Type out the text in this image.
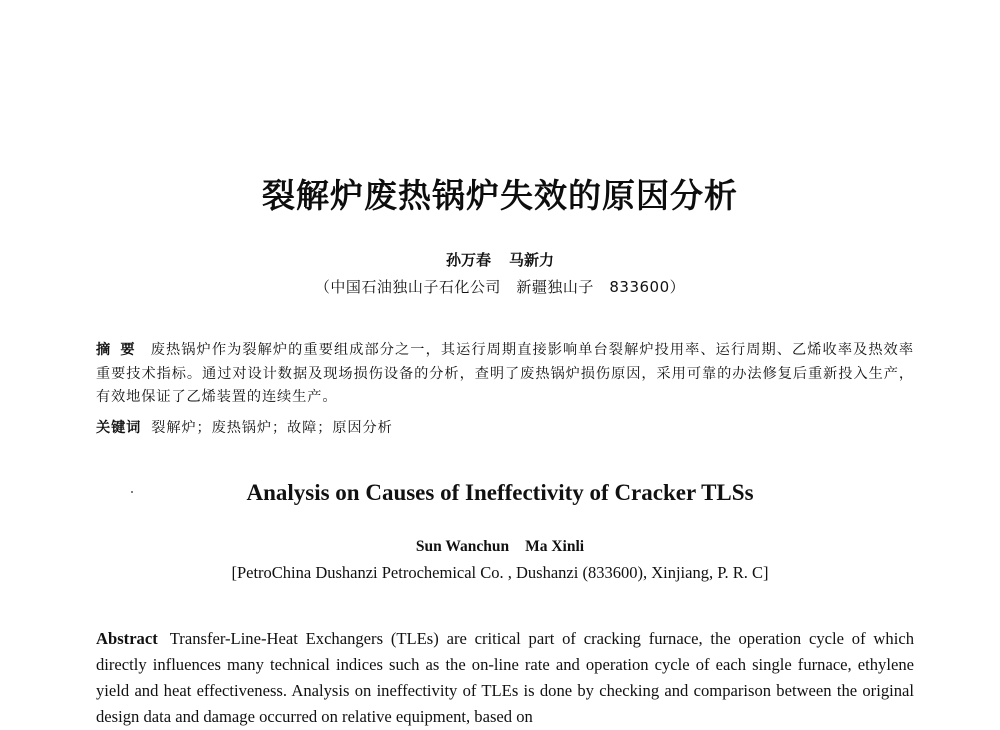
裂解炉废热锅炉失效的原因分析
孙万春 马新力
（中国石油独山子石化公司　新疆独山子　833600）
摘要 废热锅炉作为裂解炉的重要组成部分之一，其运行周期直接影响单台裂解炉投用率、运行周期、乙烯收率及热效率重要技术指标。通过对设计数据及现场损伤设备的分析，查明了废热锅炉损伤原因，采用可靠的办法修复后重新投入生产，有效地保证了乙烯装置的连续生产。
关键词 裂解炉；废热锅炉；故障；原因分析
Analysis on Causes of Ineffectivity of Cracker TLSs
Sun Wanchun Ma Xinli
[PetroChina Dushanzi Petrochemical Co. , Dushanzi (833600), Xinjiang, P. R. C]
Abstract Transfer-Line-Heat Exchangers (TLEs) are critical part of cracking furnace, the operation cycle of which directly influences many technical indices such as the on-line rate and operation cycle of each single furnace, ethylene yield and heat effectiveness. Analysis on ineffectivity of TLEs is done by checking and comparison between the original design data and damage occurred on relative equipment, based on
